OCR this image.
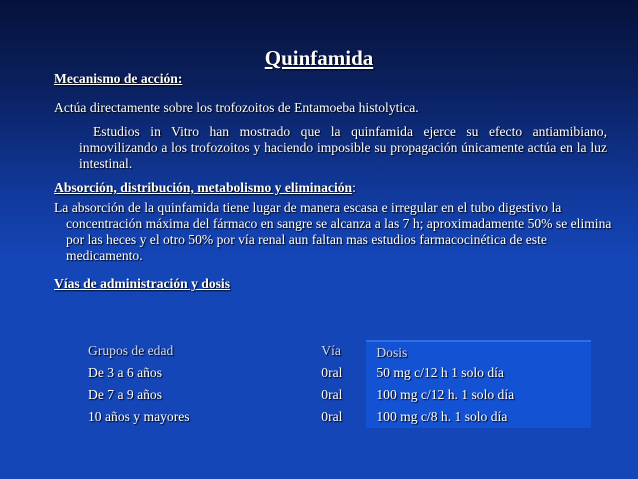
Quinfamida
Mecanismo de acción:
Actúa directamente sobre los trofozoitos de Entamoeba histolytica.
Estudios in Vitro han mostrado que la quinfamida ejerce su efecto antiamibiano, inmovilizando a los trofozoitos y haciendo imposible su propagación únicamente actúa en la luz intestinal.
Absorción, distribución, metabolismo y eliminación:
La absorción de la quinfamida tiene lugar de manera escasa e irregular en el tubo digestivo la concentración máxima del fármaco en sangre se alcanza a las 7 h; aproximadamente 50% se elimina por las heces y el otro 50% por vía renal aun faltan mas estudios farmacocinética de este medicamento.
Vías de administración y dosis
Grupos de edad	Vía	Dosis
De 3 a 6 años	0ral	50 mg c/12 h 1 solo día
De 7 a 9 años	0ral	100 mg c/12 h. 1 solo día
10 años y mayores	0ral	100 mg c/8 h. 1 solo día
